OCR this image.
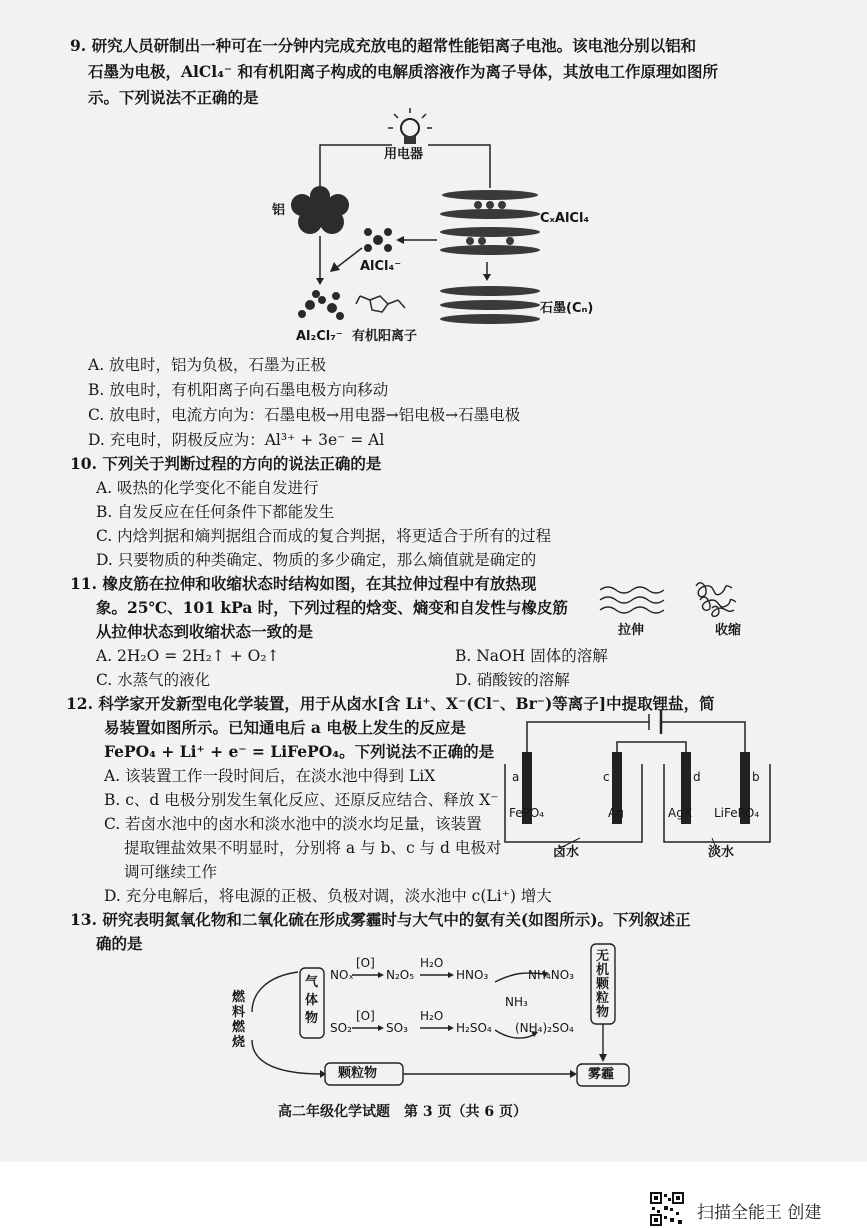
9. 研究人员研制出一种可在一分钟内完成充放电的超常性能铝离子电池。该电池分别以铝和
石墨为电极，AlCl₄⁻ 和有机阳离子构成的电解质溶液作为离子导体，其放电工作原理如图所
示。下列说法不正确的是
用电器
铝
CₓAlCl₄
AlCl₄⁻
Al₂Cl₇⁻ 有机阳离子
石墨(Cₙ)
A. 放电时，铝为负极，石墨为正极
B. 放电时，有机阳离子向石墨电极方向移动
C. 放电时，电流方向为：石墨电极→用电器→铝电极→石墨电极
D. 充电时，阴极反应为：Al³⁺ + 3e⁻ = Al
10. 下列关于判断过程的方向的说法正确的是
A. 吸热的化学变化不能自发进行
B. 自发反应在任何条件下都能发生
C. 内焓判据和熵判据组合而成的复合判据，将更适合于所有的过程
D. 只要物质的种类确定、物质的多少确定，那么熵值就是确定的
11. 橡皮筋在拉伸和收缩状态时结构如图，在其拉伸过程中有放热现
象。25℃、101 kPa 时，下列过程的焓变、熵变和自发性与橡皮筋
从拉伸状态到收缩状态一致的是	拉伸	收缩
A. 2H₂O = 2H₂↑ + O₂↑	B. NaOH 固体的溶解
C. 水蒸气的液化	D. 硝酸铵的溶解
12. 科学家开发新型电化学装置，用于从卤水[含 Li⁺、X⁻(Cl⁻、Br⁻)等离子]中提取锂盐，简
易装置如图所示。已知通电后 a 电极上发生的反应是
FePO₄ + Li⁺ + e⁻ = LiFePO₄。下列说法不正确的是
A. 该装置工作一段时间后，在淡水池中得到 LiX
B. c、d 电极分别发生氧化反应、还原反应结合、释放 X⁻
C. 若卤水池中的卤水和淡水池中的淡水均足量，该装置
提取锂盐效果不明显时，分别将 a 与 b、c 与 d 电极对
调可继续工作
D. 充分电解后，将电源的正极、负极对调，淡水池中 c(Li⁺) 增大
a	c	d	b
FePO₄	Ag	AgX LiFePO₄
卤水	淡水
13. 研究表明氮氧化物和二氧化硫在形成雾霾时与大气中的氨有关(如图所示)。下列叙述正
确的是
燃料燃烧
气体物
无机颗粒物
颗粒物	雾霾
NOₓ
[O]
N₂O₅
H₂O
HNO₃	NH₄NO₃
SO₂
[O]
SO₃
H₂O
H₂SO₄
NH₃
(NH₄)₂SO₄
高二年级化学试题　第 3 页（共 6 页）
扫描全能王 创建
